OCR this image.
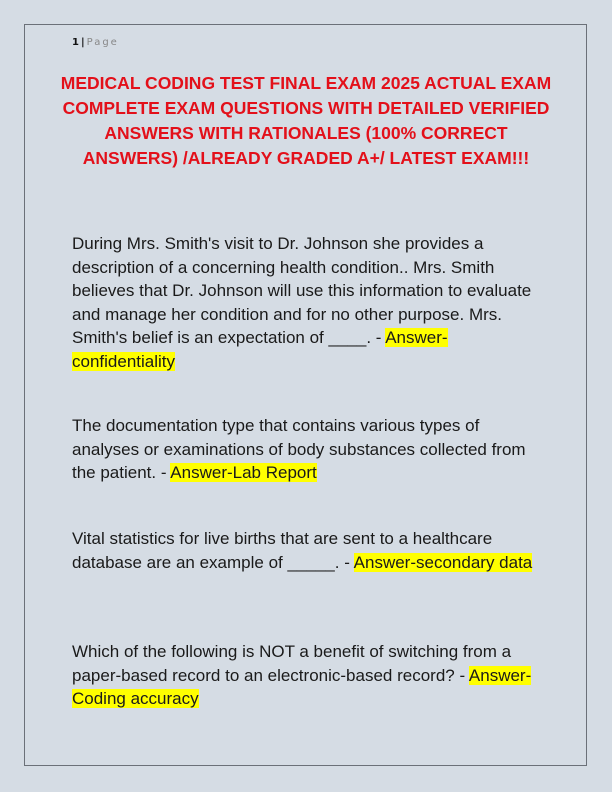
1 | Page
MEDICAL CODING TEST FINAL EXAM 2025 ACTUAL EXAM COMPLETE EXAM QUESTIONS WITH DETAILED VERIFIED ANSWERS WITH RATIONALES (100% CORRECT ANSWERS) /ALREADY GRADED A+/ LATEST EXAM!!!
During Mrs. Smith's visit to Dr. Johnson she provides a description of a concerning health condition.. Mrs. Smith believes that Dr. Johnson will use this information to evaluate and manage her condition and for no other purpose. Mrs. Smith's belief is an expectation of ____. - Answer-confidentiality
The documentation type that contains various types of analyses or examinations of body substances collected from the patient. - Answer-Lab Report
Vital statistics for live births that are sent to a healthcare database are an example of _____. - Answer-secondary data
Which of the following is NOT a benefit of switching from a paper-based record to an electronic-based record? - Answer-Coding accuracy
